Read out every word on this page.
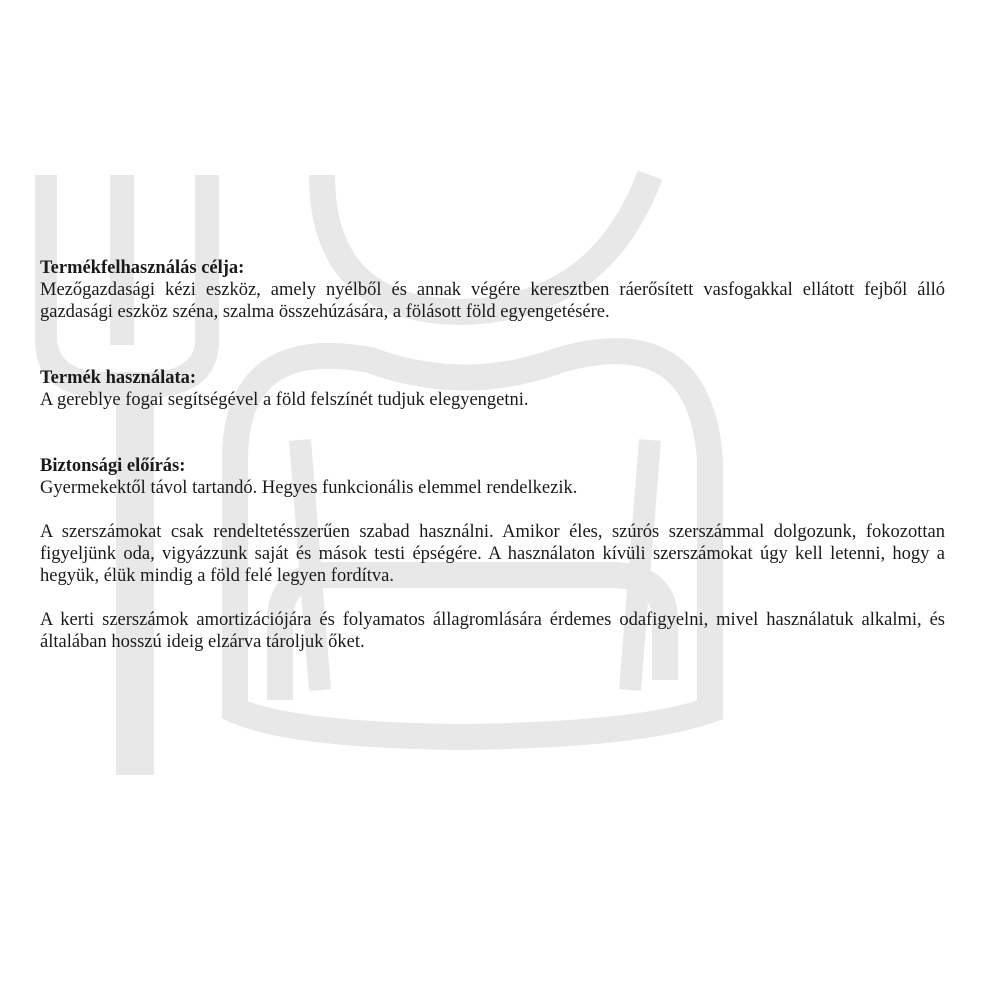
Termékfelhasználás célja:

Mezőgazdasági kézi eszköz, amely nyélből és annak végére keresztben ráerősített vasfogakkal ellátott fejből álló gazdasági eszköz széna, szalma összehúzására, a fölásott föld egyengetésére.

Termék használata:

A gereblye fogai segítségével a föld felszínét tudjuk elegyengetni.

Biztonsági előírás:

Gyermekektől távol tartandó. Hegyes funkcionális elemmel rendelkezik.

A szerszámokat csak rendeltetésszerűen szabad használni. Amikor éles, szúrós szerszámmal dolgozunk, fokozottan figyeljünk oda, vigyázzunk saját és mások testi épségére. A használaton kívüli szerszámokat úgy kell letenni, hogy a hegyük, élük mindig a föld felé legyen fordítva.

A kerti szerszámok amortizációjára és folyamatos állagromlására érdemes odafigyelni, mivel használatuk alkalmi, és általában hosszú ideig elzárva tároljuk őket.
